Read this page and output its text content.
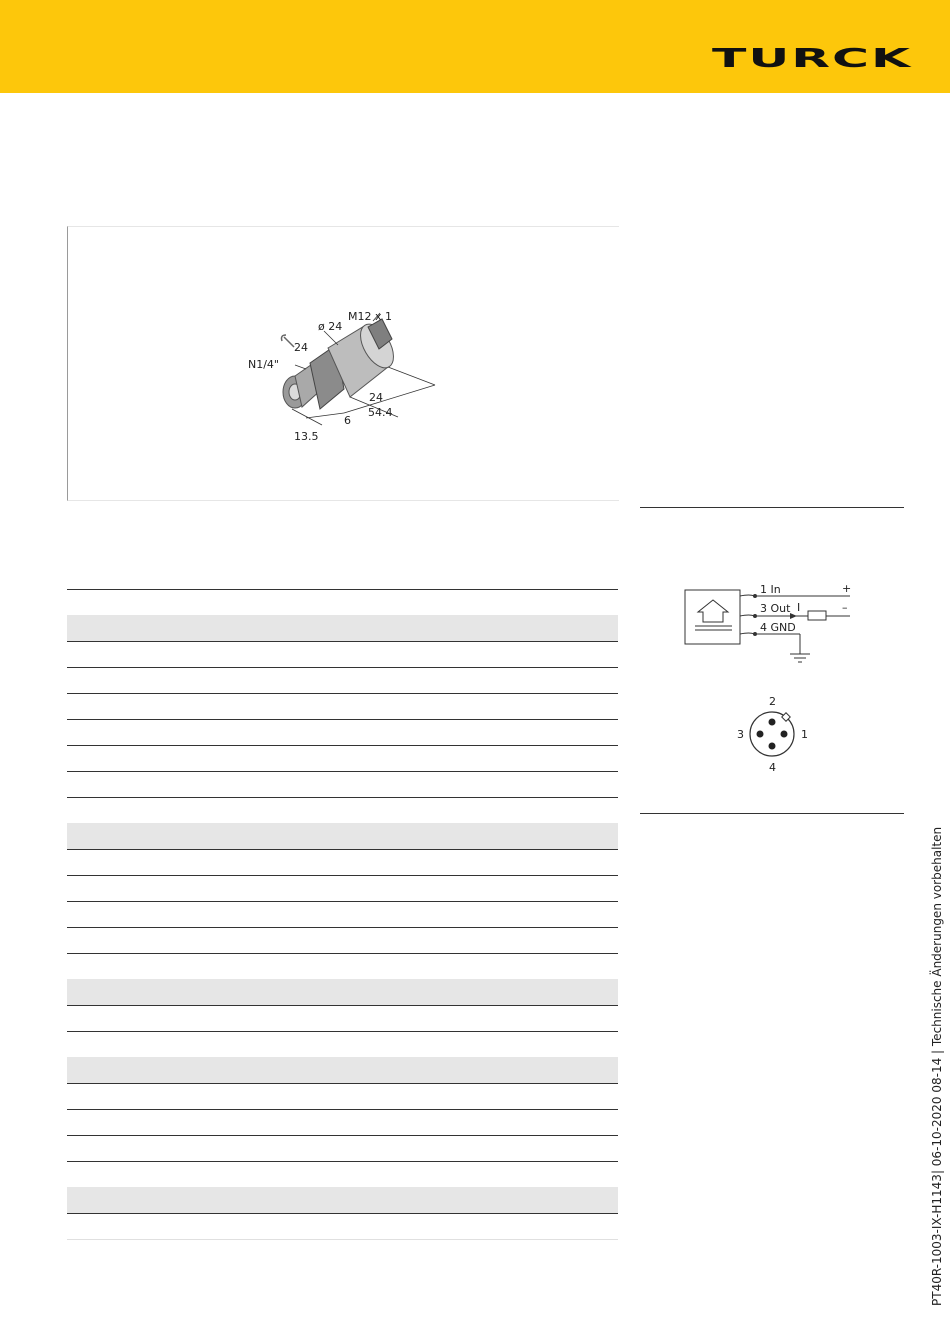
TURCK
M12 x 1
ø 24
24
N1/4"
24
54.4
6
13.5
1 In
3 Out
4 GND
+
–
I
2
3	1
4
PT40R-1003-IX-H1143| 06-10-2020 08-14 | Technische Änderungen vorbehalten
